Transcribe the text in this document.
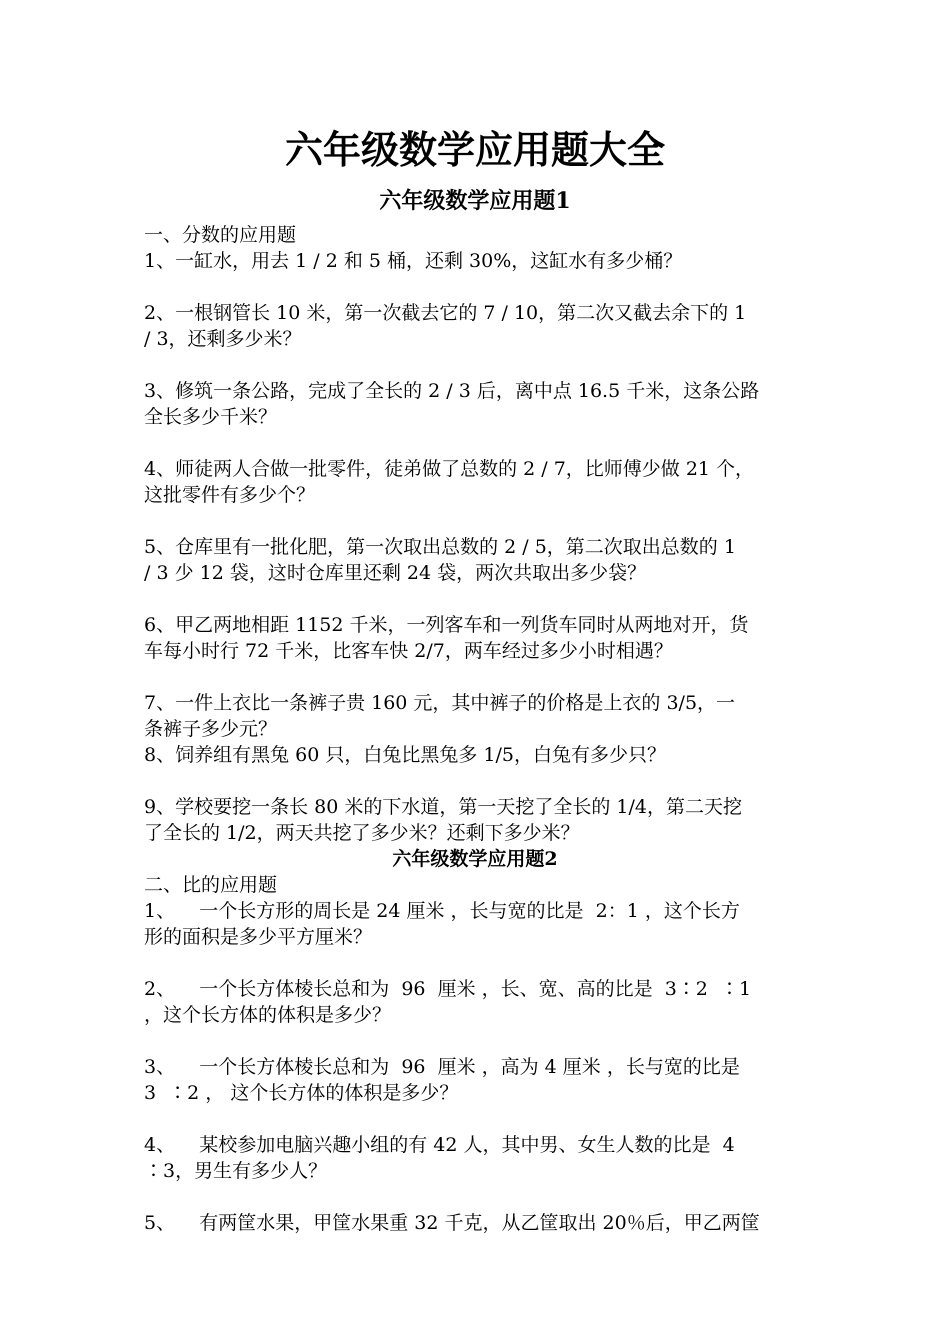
六年级数学应用题大全
六年级数学应用题1
一、分数的应用题
1、一缸水，用去 1 / 2 和 5 桶，还剩 30%，这缸水有多少桶？
2、一根钢管长 10 米，第一次截去它的 7 / 10，第二次又截去余下的 1
/ 3，还剩多少米？
3、修筑一条公路，完成了全长的 2 / 3 后，离中点 16.5 千米，这条公路
全长多少千米？
4、师徒两人合做一批零件，徒弟做了总数的 2 / 7，比师傅少做 21 个，
这批零件有多少个？
5、仓库里有一批化肥，第一次取出总数的 2 / 5，第二次取出总数的 1
/ 3 少 12 袋，这时仓库里还剩 24 袋，两次共取出多少袋？
6、甲乙两地相距 1152 千米，一列客车和一列货车同时从两地对开，货
车每小时行 72 千米，比客车快 2/7，两车经过多少小时相遇？
7、一件上衣比一条裤子贵 160 元，其中裤子的价格是上衣的 3/5，一
条裤子多少元？
8、饲养组有黑兔 60 只，白兔比黑兔多 1/5，白兔有多少只？
9、学校要挖一条长 80 米的下水道，第一天挖了全长的 1/4，第二天挖
了全长的 1/2，两天共挖了多少米？还剩下多少米？
六年级数学应用题2
二、比的应用题
1、    一个长方形的周长是 24 厘米 ，长与宽的比是  2：1 ，这个长方
形的面积是多少平方厘米？
2、    一个长方体棱长总和为  96  厘米 ，长、宽、高的比是  3∶2  ∶1
，这个长方体的体积是多少？
3、    一个长方体棱长总和为  96  厘米 ，高为 4 厘米 ，长与宽的比是
3  ∶2 ， 这个长方体的体积是多少？
4、    某校参加电脑兴趣小组的有 42 人，其中男、女生人数的比是  4
∶3，男生有多少人？
5、    有两筐水果，甲筐水果重 32 千克，从乙筐取出 20％后，甲乙两筐
